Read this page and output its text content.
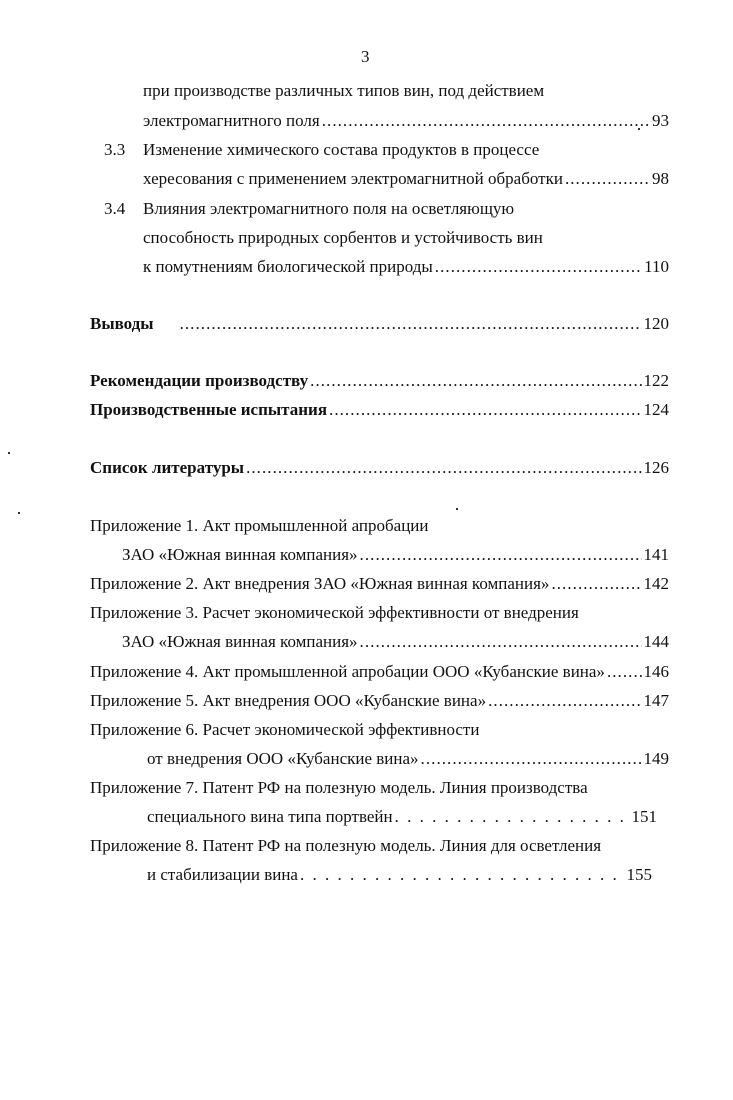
3
при производстве различных типов вин, под действием
электромагнитного поля . . .	93
3.3 Изменение химического состава продуктов в процессе
хересования с применением электромагнитной обработки . . .	98
3.4 Влияния электромагнитного поля на осветляющую
способность природных сорбентов и устойчивость вин
к помутнениям биологической природы . . .	110
Выводы . . .	120
Рекомендации производству . . .	122
Производственные испытания . . .	124
Список литературы . . .	126
Приложение 1. Акт промышленной апробации
ЗАО «Южная винная компания» . . .	141
Приложение 2. Акт внедрения ЗАО «Южная винная компания» . . .	142
Приложение 3. Расчет экономической эффективности от внедрения
ЗАО «Южная винная компания» . . .	144
Приложение 4. Акт промышленной апробации ООО «Кубанские вина» . . . 146
Приложение 5. Акт внедрения ООО «Кубанские вина» . . .	147
Приложение 6. Расчет экономической эффективности
от внедрения ООО «Кубанские вина» . . .	149
Приложение 7. Патент РФ на полезную модель. Линия производства
специального вина типа портвейн . . .	151
Приложение 8. Патент РФ на полезную модель. Линия для осветления
и стабилизации вина . . .	155
